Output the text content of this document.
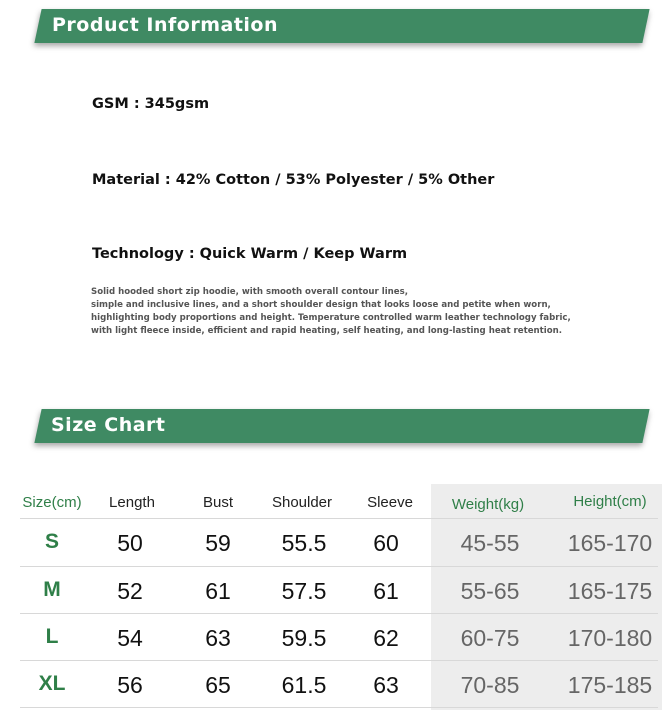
Product Information
GSM : 345gsm
Material : 42% Cotton / 53% Polyester / 5% Other
Technology : Quick Warm / Keep Warm
Solid hooded short zip hoodie, with smooth overall contour lines,
simple and inclusive lines, and a short shoulder design that looks loose and petite when worn,
highlighting body proportions and height. Temperature controlled warm leather technology fabric,
with light fleece inside, efficient and rapid heating, self heating, and long-lasting heat retention.
Size Chart
Size(cm)	Length	Bust	Shoulder	Sleeve	Weight(kg)	Height(cm)
S	50	59	55.5	60	45-55	165-170
M	52	61	57.5	61	55-65	165-175
L	54	63	59.5	62	60-75	170-180
XL	56	65	61.5	63	70-85	175-185
